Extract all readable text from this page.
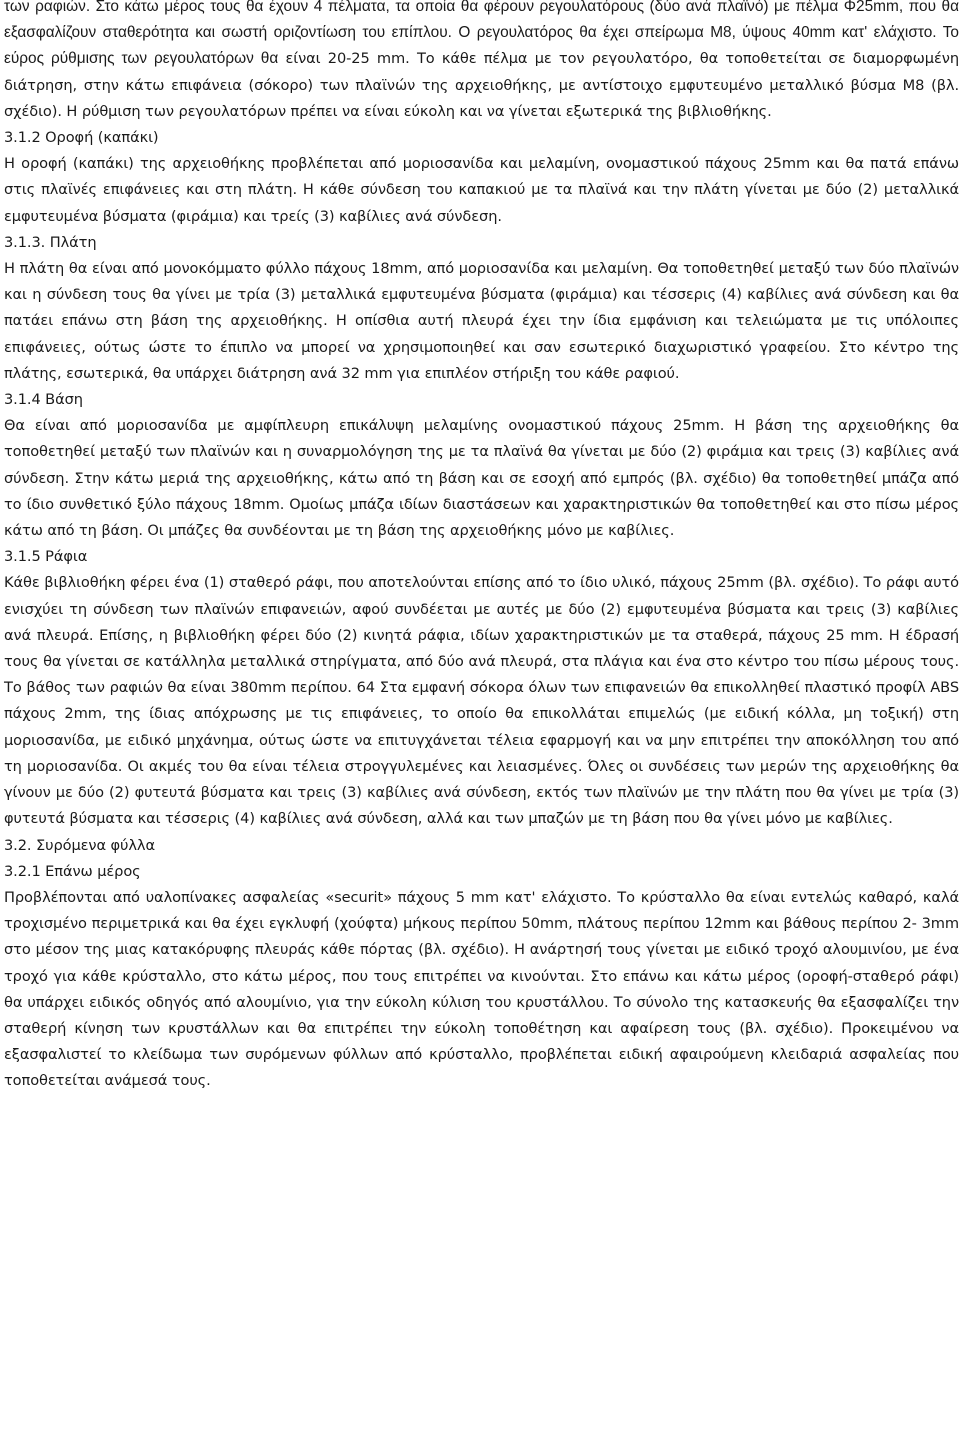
των ραφιών. Στο κάτω μέρος τους θα έχουν 4 πέλματα, τα οποία θα φέρουν ρεγουλατόρους (δύο ανά πλαϊνό) με πέλμα Φ25mm, που θα εξασφαλίζουν σταθερότητα και σωστή οριζοντίωση του επίπλου. Ο ρεγουλατόρος θα έχει σπείρωμα Μ8, ύψους 40mm κατ' ελάχιστο. Το εύρος ρύθμισης των ρεγουλατόρων θα είναι 20-25 mm. Το κάθε πέλμα με τον ρεγουλατόρο, θα τοποθετείται σε διαμορφωμένη διάτρηση, στην κάτω επιφάνεια (σόκορο) των πλαϊνών της αρχειοθήκης, με αντίστοιχο εμφυτευμένο μεταλλικό βύσμα Μ8 (βλ. σχέδιο). Η ρύθμιση των ρεγουλατόρων πρέπει να είναι εύκολη και να γίνεται εξωτερικά της βιβλιοθήκης.

3.1.2 Οροφή (καπάκι)

Η οροφή (καπάκι) της αρχειοθήκης προβλέπεται από μοριοσανίδα και μελαμίνη, ονομαστικού πάχους 25mm και θα πατά επάνω στις πλαϊνές επιφάνειες και στη πλάτη. Η κάθε σύνδεση του καπακιού με τα πλαϊνά και την πλάτη γίνεται με δύο (2) μεταλλικά εμφυτευμένα βύσματα (φιράμια) και τρείς (3) καβίλιες ανά σύνδεση.

3.1.3. Πλάτη

Η πλάτη θα είναι από μονοκόμματο φύλλο πάχους 18mm, από μοριοσανίδα και μελαμίνη. Θα τοποθετηθεί μεταξύ των δύο πλαϊνών και η σύνδεση τους θα γίνει με τρία (3) μεταλλικά εμφυτευμένα βύσματα (φιράμια) και τέσσερις (4) καβίλιες ανά σύνδεση και θα πατάει επάνω στη βάση της αρχειοθήκης. Η οπίσθια αυτή πλευρά έχει την ίδια εμφάνιση και τελειώματα με τις υπόλοιπες επιφάνειες, ούτως ώστε το έπιπλο να μπορεί να χρησιμοποιηθεί και σαν εσωτερικό διαχωριστικό γραφείου. Στο κέντρο της πλάτης, εσωτερικά, θα υπάρχει διάτρηση ανά 32 mm για επιπλέον στήριξη του κάθε ραφιού.

3.1.4 Βάση

Θα είναι από μοριοσανίδα με αμφίπλευρη επικάλυψη μελαμίνης ονομαστικού πάχους 25mm. Η βάση της αρχειοθήκης θα τοποθετηθεί μεταξύ των πλαϊνών και η συναρμολόγηση της με τα πλαϊνά θα γίνεται με δύο (2) φιράμια και τρεις (3) καβίλιες ανά σύνδεση. Στην κάτω μεριά της αρχειοθήκης, κάτω από τη βάση και σε εσοχή από εμπρός (βλ. σχέδιο) θα τοποθετηθεί μπάζα από το ίδιο συνθετικό ξύλο πάχους 18mm. Ομοίως μπάζα ιδίων διαστάσεων και χαρακτηριστικών θα τοποθετηθεί και στο πίσω μέρος κάτω από τη βάση. Οι μπάζες θα συνδέονται με τη βάση της αρχειοθήκης μόνο με καβίλιες.

3.1.5 Ράφια

Κάθε βιβλιοθήκη φέρει ένα (1) σταθερό ράφι, που αποτελούνται επίσης από το ίδιο υλικό, πάχους 25mm (βλ. σχέδιο). Το ράφι αυτό ενισχύει τη σύνδεση των πλαϊνών επιφανειών, αφού συνδέεται με αυτές με δύο (2) εμφυτευμένα βύσματα και τρεις (3) καβίλιες ανά πλευρά. Επίσης, η βιβλιοθήκη φέρει δύο (2) κινητά ράφια, ιδίων χαρακτηριστικών με τα σταθερά, πάχους 25 mm. Η έδρασή τους θα γίνεται σε κατάλληλα μεταλλικά στηρίγματα, από δύο ανά πλευρά, στα πλάγια και ένα στο κέντρο του πίσω μέρους τους. Το βάθος των ραφιών θα είναι 380mm περίπου. 64 Στα εμφανή σόκορα όλων των επιφανειών θα επικολληθεί πλαστικό προφίλ ABS πάχους 2mm, της ίδιας απόχρωσης με τις επιφάνειες, το οποίο θα επικολλάται επιμελώς (με ειδική κόλλα, μη τοξική) στη μοριοσανίδα, με ειδικό μηχάνημα, ούτως ώστε να επιτυγχάνεται τέλεια εφαρμογή και να μην επιτρέπει την αποκόλληση του από τη μοριοσανίδα. Οι ακμές του θα είναι τέλεια στρογγυλεμένες και λειασμένες. Όλες οι συνδέσεις των μερών της αρχειοθήκης θα γίνουν με δύο (2) φυτευτά βύσματα και τρεις (3) καβίλιες ανά σύνδεση, εκτός των πλαϊνών με την πλάτη που θα γίνει με τρία (3) φυτευτά βύσματα και τέσσερις (4) καβίλιες ανά σύνδεση, αλλά και των μπαζών με τη βάση που θα γίνει μόνο με καβίλιες.

3.2. Συρόμενα φύλλα

3.2.1 Επάνω μέρος

Προβλέπονται από υαλοπίνακες ασφαλείας «securit» πάχους 5 mm κατ' ελάχιστο. Το κρύσταλλο θα είναι εντελώς καθαρό, καλά τροχισμένο περιμετρικά και θα έχει εγκλυφή (χούφτα) μήκους περίπου 50mm, πλάτους περίπου 12mm και βάθους περίπου 2- 3mm στο μέσον της μιας κατακόρυφης πλευράς κάθε πόρτας (βλ. σχέδιο). Η ανάρτησή τους γίνεται με ειδικό τροχό αλουμινίου, με ένα τροχό για κάθε κρύσταλλο, στο κάτω μέρος, που τους επιτρέπει να κινούνται. Στο επάνω και κάτω μέρος (οροφή-σταθερό ράφι) θα υπάρχει ειδικός οδηγός από αλουμίνιο, για την εύκολη κύλιση του κρυστάλλου. Το σύνολο της κατασκευής θα εξασφαλίζει την σταθερή κίνηση των κρυστάλλων και θα επιτρέπει την εύκολη τοποθέτηση και αφαίρεση τους (βλ. σχέδιο). Προκειμένου να εξασφαλιστεί το κλείδωμα των συρόμενων φύλλων από κρύσταλλο, προβλέπεται ειδική αφαιρούμενη κλειδαριά ασφαλείας που τοποθετείται ανάμεσά τους.
